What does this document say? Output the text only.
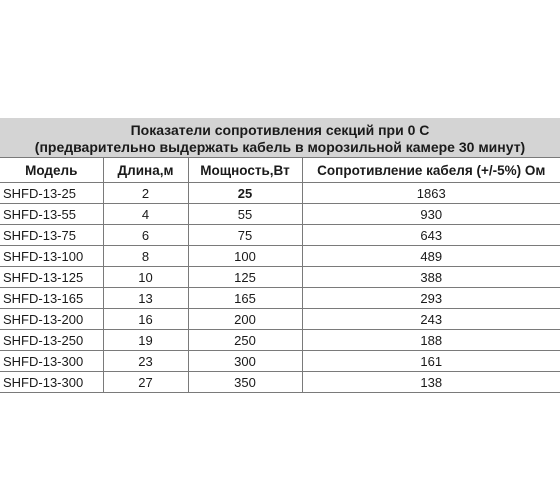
Показатели сопротивления секций при 0 С
(предварительно выдержать кабель в морозильной камере 30 минут)
Модель	Длина,м	Мощность,Вт	Сопротивление кабеля (+/-5%) Ом
SHFD-13-25	2	25	1863
SHFD-13-55	4	55	930
SHFD-13-75	6	75	643
SHFD-13-100	8	100	489
SHFD-13-125	10	125	388
SHFD-13-165	13	165	293
SHFD-13-200	16	200	243
SHFD-13-250	19	250	188
SHFD-13-300	23	300	161
SHFD-13-300	27	350	138
